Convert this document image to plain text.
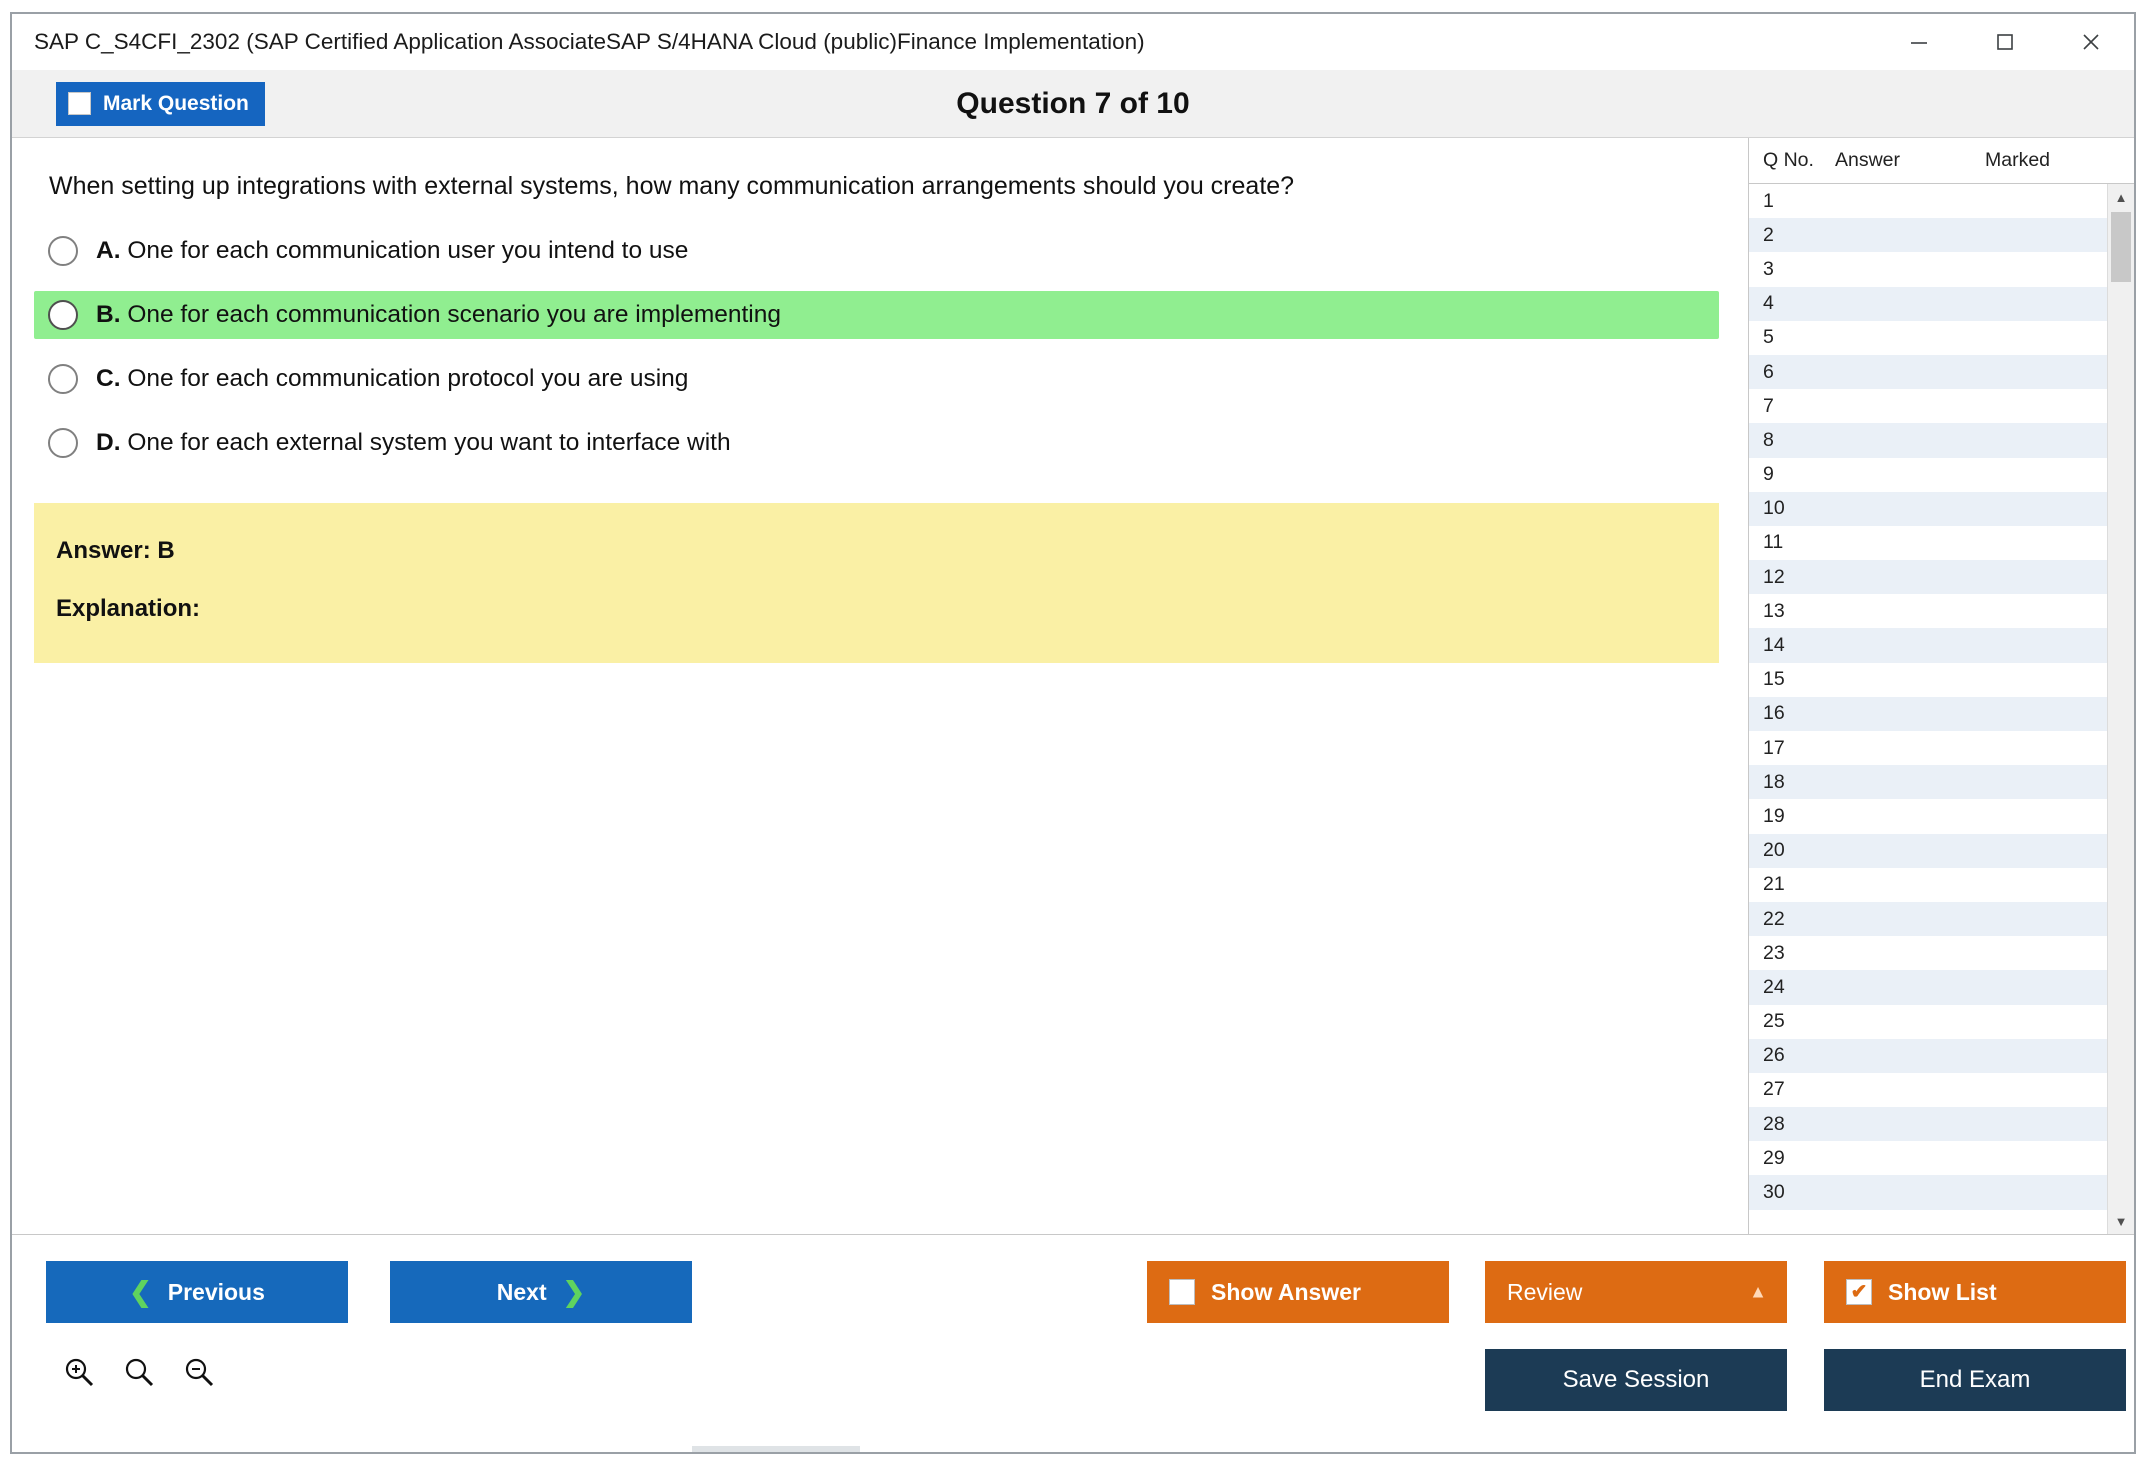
SAP C_S4CFI_2302 (SAP Certified Application AssociateSAP S/4HANA Cloud (public)Finance Implementation)
Mark Question	Question 7 of 10
When setting up integrations with external systems, how many communication arrangements should you create?
A. One for each communication user you intend to use
B. One for each communication scenario you are implementing
C. One for each communication protocol you are using
D. One for each external system you want to interface with
Answer: B
Explanation:
Q No.	Answer	Marked
1
2
3
4
5
6
7
8
9
10
11
12
13
14
15
16
17
18
19
20
21
22
23
24
25
26
27
28
29
30
▲
▼
❮ Previous	Next ❯	Show Answer	Review	▲	✔ Show List
Save Session	End Exam
